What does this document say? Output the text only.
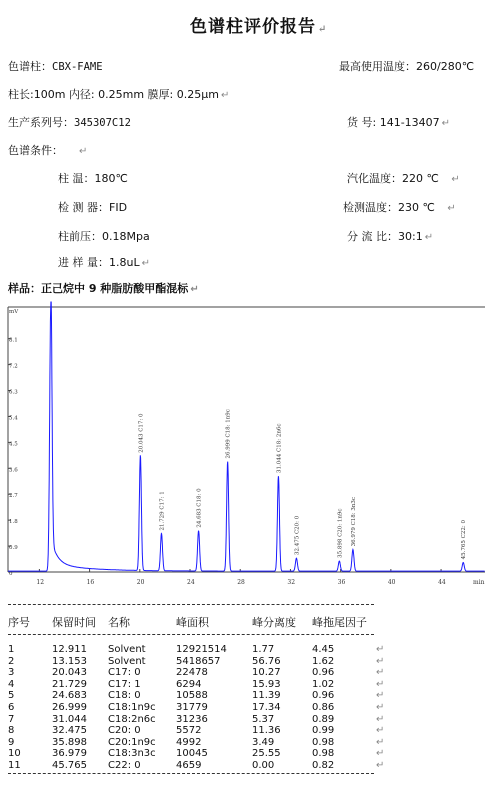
色谱柱评价报告 ↵
色谱柱：CBX-FAME	最高使用温度：260/280℃
柱长:100m 内径: 0.25mm 膜厚: 0.25μm ↵
生产系列号：345307C12	货 号: 141-13407 ↵
色谱条件： ↵
柱 温：180℃	汽化温度：220 ℃ ↵
检 测 器：FID	检测温度：230 ℃ ↵
柱前压：0.18Mpa	分 流 比：30:1 ↵
进 样 量：1.8uL ↵
样品：正己烷中 9 种脂肪酸甲酯混标 ↵
0
0.9
1.8
2.7
3.6
4.5
5.4
6.3
7.2
8.1
mV
12	16	20	24	28	32	36	40	44	min
20.043 C17: 0
21.729 C17: 1	24.683 C18: 0
26.999 C18: 1n9c	31.044 C18: 2n6c
32.475 C20: 0	35.898 C20: 1n9c 36.979 C18: 3n3c	45.765 C22: 0
序号 保留时间 名称	峰面积	峰分离度 峰拖尾因子
1	12.911 Solvent	12921514	1.77	4.45	↵
2	13.153 Solvent	5418657	56.76	1.62	↵
3	20.043 C17: 0	22478	10.27	0.96	↵
4	21.729 C17: 1	6294	15.93	1.02	↵
5	24.683 C18: 0	10588	11.39	0.96	↵
6	26.999 C18:1n9c 31779	17.34	0.86	↵
7	31.044 C18:2n6c 31236	5.37	0.89	↵
8	32.475 C20: 0	5572	11.36	0.99	↵
9	35.898 C20:1n9c 4992	3.49	0.98	↵
10	36.979 C18:3n3c 10045	25.55	0.98	↵
11	45.765 C22: 0	4659	0.00	0.82	↵
